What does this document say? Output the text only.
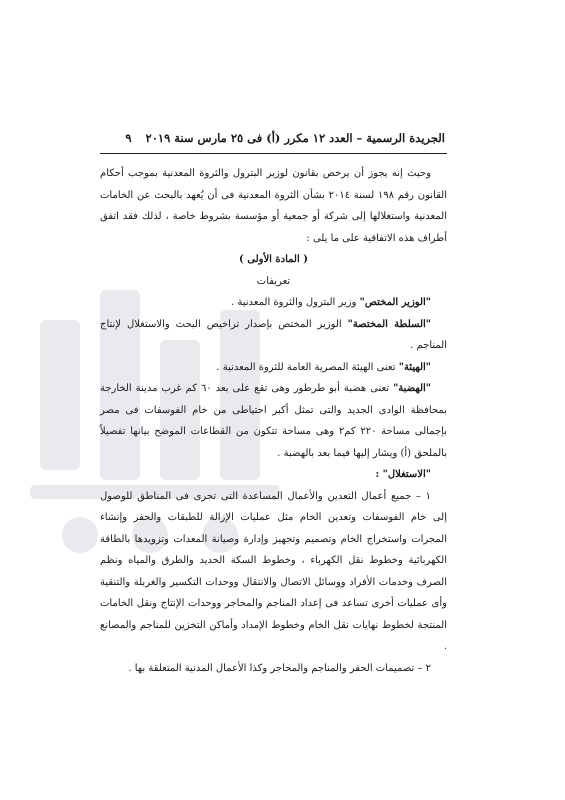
الجريدة الرسمية – العدد ١٢ مكرر (أ) فى ٢٥ مارس سنة ٢٠١٩
٩

وحيث إنه يجوز أن يرخص بقانون لوزير البترول والثروة المعدنية بموجب أحكام القانون رقم ١٩٨ لسنة ٢٠١٤ بشأن الثروة المعدنية فى أن يُعهد بالبحث عن الخامات المعدنية واستغلالها إلى شركة أو جمعية أو مؤسسة بشروط خاصة ، لذلك فقد اتفق أطراف هذه الاتفاقية على ما يلى :

( المادة الأولى )

تعريفات

"الوزير المختص" وزير البترول والثروة المعدنية .

"السلطة المختصة" الوزير المختص بإصدار تراخيص البحث والاستغلال لإنتاج المناجم .

"الهيئة" تعنى الهيئة المصرية العامة للثروة المعدنية .

"الهضبة" تعنى هضبة أبو طرطور وهى تقع على بعد ٦٠ كم غرب مدينة الخارجة بمحافظة الوادى الجديد والتى تمثل أكبر احتياطى من خام الفوسفات فى مصر بإجمالى مساحة ٢٢٠ كم٢ وهى مساحة تتكون من القطاعات الموضح بيانها تفصيلاً بالملحق (أ) ويشار إليها فيما بعد بالهضبة .

"الاستغلال" :

١ – جميع أعمال التعدين والأعمال المساعدة التى تجرى فى المناطق للوصول إلى خام الفوسفات وتعدين الخام مثل عمليات الإزالة للطبقات والحفر وإنشاء المجرات واستخراج الخام وتصميم وتجهيز وإدارة وصيانة المعدات وتزويدها بالطاقة الكهربائية وخطوط نقل الكهرباء ، وخطوط السكة الحديد والطرق والمياه ونظم الصرف وخدمات الأفراد ووسائل الاتصال والانتقال ووحدات التكسير والغربلة والتنقية وأى عمليات أخرى تساعد فى إعداد المناجم والمحاجر ووحدات الإنتاج ونقل الخامات المنتجة لخطوط نهايات نقل الخام وخطوط الإمداد وأماكن التخزين للمناجم والمصانع .

٢ – تصميمات الحفر والمناجم والمحاجر وكذا الأعمال المدنية المتعلقة بها .
